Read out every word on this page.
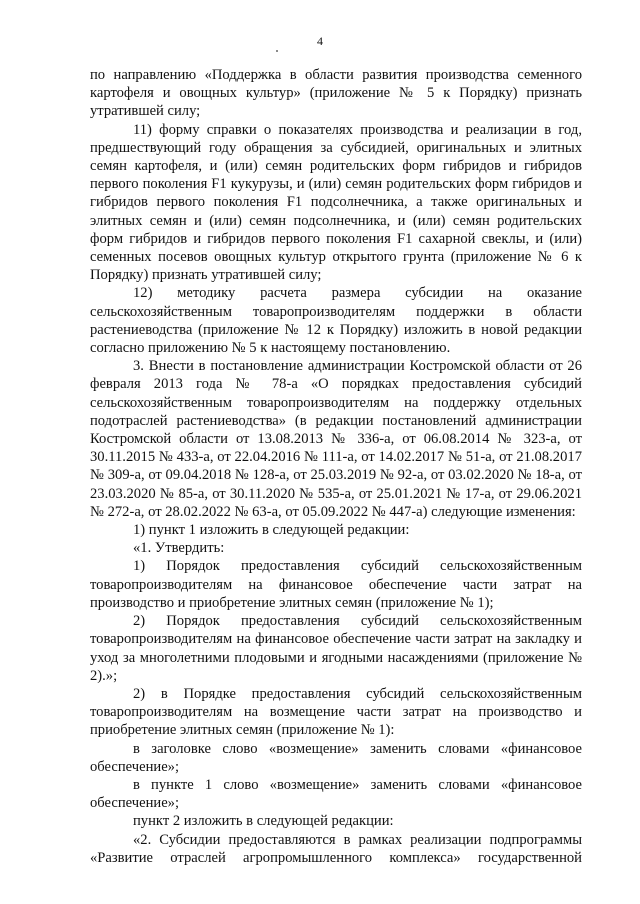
4

по направлению «Поддержка в области развития производства семенного картофеля и овощных культур» (приложение № 5 к Порядку) признать утратившей силу;

11) форму справки о показателях производства и реализации в год, предшествующий году обращения за субсидией, оригинальных и элитных семян картофеля, и (или) семян родительских форм гибридов и гибридов первого поколения F1 кукурузы, и (или) семян родительских форм гибридов и гибридов первого поколения F1 подсолнечника, а также оригинальных и элитных семян и (или) семян подсолнечника, и (или) семян родительских форм гибридов и гибридов первого поколения F1 сахарной свеклы, и (или) семенных посевов овощных культур открытого грунта (приложение № 6 к Порядку) признать утратившей силу;

12) методику расчета размера субсидии на оказание сельскохозяйственным товаропроизводителям поддержки в области растениеводства (приложение № 12 к Порядку) изложить в новой редакции согласно приложению № 5 к настоящему постановлению.

3. Внести в постановление администрации Костромской области от 26 февраля 2013 года № 78-а «О порядках предоставления субсидий сельскохозяйственным товаропроизводителям на поддержку отдельных подотраслей растениеводства» (в редакции постановлений администрации Костромской области от 13.08.2013 № 336-а, от 06.08.2014 № 323-а, от 30.11.2015 № 433-а, от 22.04.2016 № 111-а, от 14.02.2017 № 51-а, от 21.08.2017 № 309-а, от 09.04.2018 № 128-а, от 25.03.2019 № 92-а, от 03.02.2020 № 18-а, от 23.03.2020 № 85-а, от 30.11.2020 № 535-а, от 25.01.2021 № 17-а, от 29.06.2021 № 272-а, от 28.02.2022 № 63-а, от 05.09.2022 № 447-а) следующие изменения:

1) пункт 1 изложить в следующей редакции:

«1. Утвердить:

1) Порядок предоставления субсидий сельскохозяйственным товаропроизводителям на финансовое обеспечение части затрат на производство и приобретение элитных семян (приложение № 1);

2) Порядок предоставления субсидий сельскохозяйственным товаропроизводителям на финансовое обеспечение части затрат на закладку и уход за многолетними плодовыми и ягодными насаждениями (приложение № 2).»;

2) в Порядке предоставления субсидий сельскохозяйственным товаропроизводителям на возмещение части затрат на производство и приобретение элитных семян (приложение № 1):

в заголовке слово «возмещение» заменить словами «финансовое обеспечение»;

в пункте 1 слово «возмещение» заменить словами «финансовое обеспечение»;

пункт 2 изложить в следующей редакции:

«2. Субсидии предоставляются в рамках реализации подпрограммы «Развитие отраслей агропромышленного комплекса» государственной
